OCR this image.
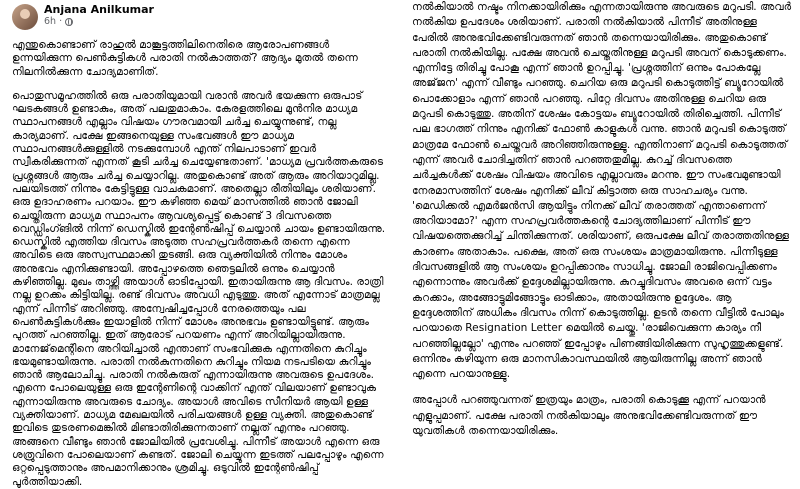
Anjana Anilkumar
6h ·

എന്തുകൊണ്ടാണ് രാഹുൽ മാങ്കൂട്ടത്തിലിനെതിരെ ആരോപണങ്ങൾ ഉന്നയിക്കുന്ന പെൺകുട്ടികൾ പരാതി നൽകാത്തത്? ആദ്യം മുതൽ തന്നെ നിലനിൽക്കുന്ന ചോദ്യമാണിത്.

പൊതുസമൂഹത്തിൽ ഒരു പരാതിയുമായി വരാൻ അവർ ഭയക്കുന്ന ഒരുപാട് ഘടകങ്ങൾ ഉണ്ടാകും, അത് പലതുമാകാം. കേരളത്തിലെ മുൻനിര മാധ്യമ സ്ഥാപനങ്ങൾ എല്ലാം വിഷയം ഗൗരവമായി ചർച്ച ചെയ്യുന്നുണ്ട്, നല്ല കാര്യമാണ്. പക്ഷേ ഇങ്ങനെയുള്ള സംഭവങ്ങൾ ഈ മാധ്യമ സ്ഥാപനങ്ങൾക്കുള്ളിൽ നടക്കുമ്പോൾ എന്ത് നിലപാടാണ് ഇവർ സ്വീകരിക്കുന്നത് എന്നത് കൂടി ചർച്ച ചെയ്യേണ്ടതാണ്. 'മാധ്യമ പ്രവർത്തകരുടെ പ്രശ്നങ്ങൾ ആരും ചർച്ച ചെയ്യാറില്ല. അതുകൊണ്ട് അത് ആരും അറിയാറുമില്ല. പലയിടത്ത് നിന്നും കേട്ടിട്ടുള്ള വാചകമാണ്. അതെല്ലാ രീതിയിലും ശരിയാണ്. ഒരു ഉദാഹരണം പറയാം. ഈ കഴിഞ്ഞ മെയ് മാസത്തിൽ ഞാൻ ജോലി ചെയ്തിരുന്ന മാധ്യമ സ്ഥാപനം ആവശ്യപ്പെട്ട് കൊണ്ട് 3 ദിവസത്തെ വെഡ്ഡിംഗ്ങിൽ നിന്ന് ഡെസ്കിൽ ഇന്റേൺഷിപ്പ് ചെയ്യാൻ ചായം ഉണ്ടായിരുന്നു. ഡെസ്കിൽ എത്തിയ ദിവസം അടുത്ത സഹപ്രവർത്തകർ തന്നെ എന്നെ അവിടെ ഒരു അസ്വസ്ഥമാക്കി തുടങ്ങി. ഒരു വ്യക്തിയിൽ നിന്നും മോശം അനുഭവം എനിക്കുണ്ടായി. അപ്പോഴത്തെ ഞെട്ടലിൽ ഒന്നും ചെയ്യാൻ കഴിഞ്ഞില്ല. മുഖം താഴ്ത്തി അയാൾ ഓടിപ്പോയി. ഇതായിരുന്നു ആ ദിവസം. രാത്രി നല്ല ഉറക്കം കിട്ടിയില്ല. രണ്ട് ദിവസം അവധി എടുത്തു. അത് എന്നോട് മാത്രമല്ല എന്ന് പിന്നീട് അറിഞ്ഞു. അന്വേഷിച്ചപ്പോൾ നേരത്തെയും പല പെൺകുട്ടികൾക്കും ഇയാളിൽ നിന്ന് മോശം അനുഭവം ഉണ്ടായിട്ടുണ്ട്. ആരും പുറത്ത് പറഞ്ഞില്ല. ഇത് ആരോട് പറയണം എന്ന് അറിയില്ലായിരുന്നു. മാനേജ്‌മെന്റിനെ അറിയിച്ചാൽ എന്താണ് സംഭവിക്കുക എന്നതിനെ കുറിച്ചും ഭയമുണ്ടായിരുന്നു. പരാതി നൽകുന്നതിനെ കുറിച്ചും നിയമ നടപടിയെ കുറിച്ചും ഞാൻ ആലോചിച്ചു. പരാതി നൽകരുത് എന്നായിരുന്നു അവരുടെ ഉപദേശം. എന്നെ പോലെയുള്ള ഒരു ഇന്റേണിന്റെ വാക്കിന് എന്ത് വിലയാണ് ഉണ്ടാവുക എന്നായിരുന്നു അവരുടെ ചോദ്യം. അയാൾ അവിടെ സീനിയർ ആയി ഉള്ള വ്യക്തിയാണ്. മാധ്യമ മേഖലയിൽ പരിചയങ്ങൾ ഉള്ള വ്യക്തി. അതുകൊണ്ട് ഇവിടെ തുടരണമെങ്കിൽ മിണ്ടാതിരിക്കുന്നതാണ് നല്ലത് എന്നും പറഞ്ഞു. അങ്ങനെ വീണ്ടും ഞാൻ ജോലിയിൽ പ്രവേശിച്ചു. പിന്നീട് അയാൾ എന്നെ ഒരു ശത്രുവിനെ പോലെയാണ് കണ്ടത്. ജോലി ചെയ്യുന്ന ഇടത്ത് പലപ്പോഴും എന്നെ ഒറ്റപ്പെടുത്താനും അപമാനിക്കാനും ശ്രമിച്ചു. ഒടുവിൽ ഇന്റേൺഷിപ്പ് പൂർത്തിയാക്കി.

നൽകിയാൽ നഷ്ടം നിനക്കായിരിക്കും എന്നതായിരുന്നു അവരുടെ മറുപടി. അവർ നൽകിയ ഉപദേശം ശരിയാണ്. പരാതി നൽകിയാൽ പിന്നീട് അതിനുള്ള പേരിൽ അനുഭവിക്കേണ്ടിവരുന്നത് ഞാൻ തന്നെയായിരിക്കും. അതുകൊണ്ട് പരാതി നൽകിയില്ല. പക്ഷേ അവൻ ചെയ്തതിനുള്ള മറുപടി അവന് കൊടുക്കണം. എന്നിട്ടേ തിരിച്ചു പോകൂ എന്ന് ഞാൻ ഉറപ്പിച്ചു. 'പ്രശ്നത്തിന് ഒന്നും പോകല്ലേ അജ്‌ജന' എന്ന് വീണ്ടും പറഞ്ഞു. ചെറിയ ഒരു മറുപടി കൊടുത്തിട്ട് ബ്യൂറോയിൽ പൊക്കോളാം എന്ന് ഞാൻ പറഞ്ഞു. പിറ്റേ ദിവസം അതിനുള്ള ചെറിയ ഒരു മറുപടി കൊടുത്തു. അതിന് ശേഷം കോട്ടയം ബ്യൂറോയിൽ തിരിച്ചെത്തി. പിന്നീട് പല ഭാഗത്ത് നിന്നും എനിക്ക് ഫോൺ കാളുകൾ വന്നു. ഞാൻ മറുപടി കൊടുത്ത് മാത്രമേ ഫോൺ ചെയ്തവർ അറിഞ്ഞിരുന്നുള്ളു. എന്തിനാണ് മറുപടി കൊടുത്തത് എന്ന് അവർ ചോദിച്ചതിന് ഞാൻ പറഞ്ഞതുമില്ല. കുറച്ച് ദിവസത്തെ ചർച്ചകൾക്ക് ശേഷം വിഷയം അവിടെ എല്ലാവരും മറന്നു. ഈ സംഭവമുണ്ടായി നേരമാസത്തിന് ശേഷം എനിക്ക് ലീവ് കിട്ടാത്ത ഒരു സാഹചര്യം വന്നു. 'മെഡിക്കൽ എമർജൻസി ആയിട്ടും നിനക്ക് ലീവ് തരാത്തത് എന്താണെന്ന് അറിയാമോ?' എന്ന സഹപ്രവർത്തകന്റെ ചോദ്യത്തിലാണ് പിന്നീട് ഈ വിഷയത്തെക്കുറിച്ച് ചിന്തിക്കുന്നത്. ശരിയാണ്, ഒരുപക്ഷേ ലീവ് തരാത്തതിനുള്ള കാരണം അതാകാം. പക്ഷെ, അത് ഒരു സംശയം മാത്രമായിരുന്നു. പിന്നീടുള്ള ദിവസങ്ങളിൽ ആ സംശയം ഉറപ്പിക്കാനും സാധിച്ചു. ജോലി രാജിവെപ്പിക്കണം എന്നൊന്നും അവർക്ക് ഉദ്ദേശമില്ലായിരുന്നു. കുറച്ചുദിവസം അവരെ ഒന്ന് വട്ടം കറക്കാം, അങ്ങോട്ടുമിങ്ങോട്ടും ഓടിക്കാം, അതായിരുന്നു ഉദ്ദേശം. ആ ഉദ്ദേശത്തിന് അധികം ദിവസം നിന്ന് കൊടുത്തില്ല. ഉടൻ തന്നെ വീട്ടിൽ പോലും പറയാതെ Resignation Letter മെയിൽ ചെയ്തു. 'രാജിവെക്കുന്ന കാര്യം നീ പറഞ്ഞില്ലല്ലോ' എന്നും പറഞ്ഞ് ഇപ്പോഴും പിണങ്ങിയിരിക്കുന്ന സുഹൃത്തുക്കളുണ്ട്. ഒന്നിനും കഴിയുന്ന ഒരു മാനസികാവസ്ഥയിൽ ആയിരുന്നില്ല അന്ന് ഞാൻ എന്നെ പറയാനുള്ളു.

അപ്പോൾ പറഞ്ഞുവന്നത് ഇത്രയും മാത്രം, പരാതി കൊടുക്കൂ എന്ന് പറയാൻ എളുപ്പമാണ്. പക്ഷേ പരാതി നൽകിയാലും അനുഭവിക്കേണ്ടിവരുന്നത് ഈ യുവതികൾ തന്നെയായിരിക്കും.
